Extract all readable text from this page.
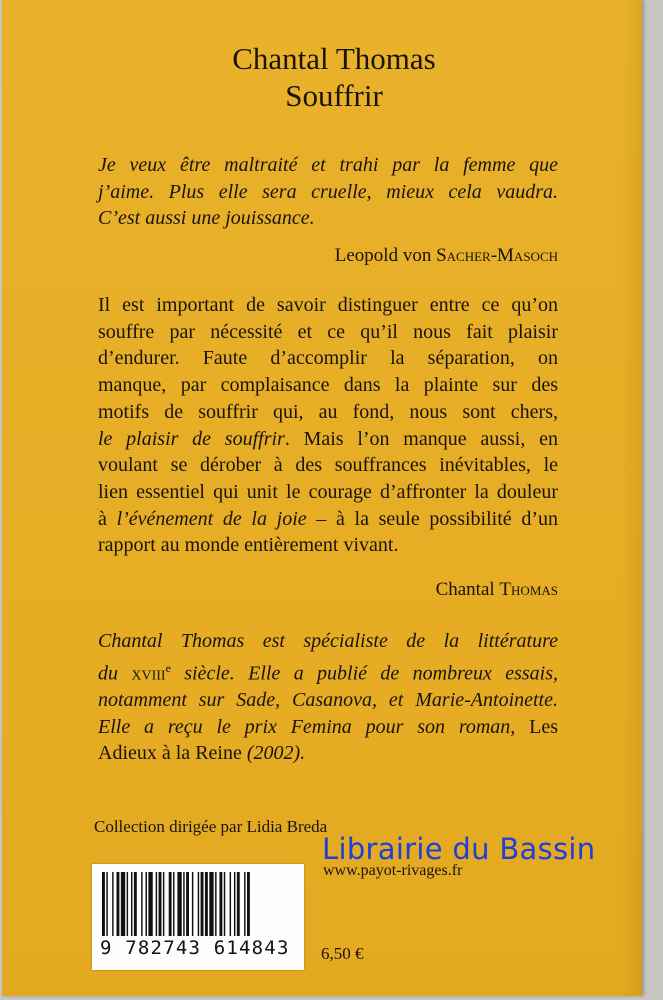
Chantal Thomas
Souffrir
Je veux être maltraité et trahi par la femme que
j’aime. Plus elle sera cruelle, mieux cela vaudra.
C’est aussi une jouissance.
Leopold von Sacher-Masoch
Il est important de savoir distinguer entre ce qu’on
souffre par nécessité et ce qu’il nous fait plaisir
d’endurer. Faute d’accomplir la séparation, on
manque, par complaisance dans la plainte sur des
motifs de souffrir qui, au fond, nous sont chers,
le plaisir de souffrir. Mais l’on manque aussi, en
voulant se dérober à des souffrances inévitables, le
lien essentiel qui unit le courage d’affronter la douleur
à l’événement de la joie – à la seule possibilité d’un
rapport au monde entièrement vivant.
Chantal Thomas
Chantal Thomas est spécialiste de la littérature
du xviii$^e$ siècle. Elle a publié de nombreux essais,
notamment sur Sade, Casanova, et Marie-Antoinette.
Elle a reçu le prix Femina pour son roman, Les
Adieux à la Reine (2002).
Collection dirigée par Lidia Breda
Librairie du Bassin
www.payot-rivages.fr
9 782743 614843 6,50 €
